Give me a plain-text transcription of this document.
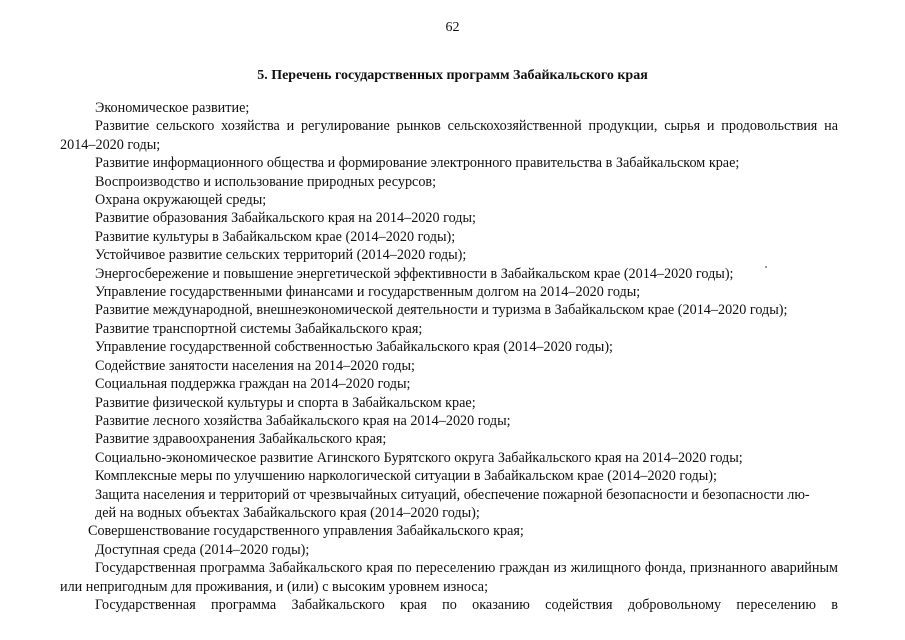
62
5. Перечень государственных программ Забайкальского края

Экономическое развитие;

Развитие сельского хозяйства и регулирование рынков сельскохозяйственной продукции, сырья и продовольствия на 2014–2020 годы;

Развитие информационного общества и формирование электронного правительства в Забайкальском крае;

Воспроизводство и использование природных ресурсов;

Охрана окружающей среды;

Развитие образования Забайкальского края на 2014–2020 годы;

Развитие культуры в Забайкальском крае (2014–2020 годы);

Устойчивое развитие сельских территорий (2014–2020 годы);

Энергосбережение и повышение энергетической эффективности в Забайкальском крае (2014–2020 годы);

Управление государственными финансами и государственным долгом на 2014–2020 годы;

Развитие международной, внешнеэкономической деятельности и туризма в Забайкальском крае (2014–2020 годы);

Развитие транспортной системы Забайкальского края;

Управление государственной собственностью Забайкальского края (2014–2020 годы);

Содействие занятости населения на 2014–2020 годы;

Социальная поддержка граждан на 2014–2020 годы;

Развитие физической культуры и спорта в Забайкальском крае;

Развитие лесного хозяйства Забайкальского края на 2014–2020 годы;

Развитие здравоохранения Забайкальского края;

Социально-экономическое развитие Агинского Бурятского округа Забайкальского края на 2014–2020 годы;

Комплексные меры по улучшению наркологической ситуации в Забайкальском крае (2014–2020 годы);

Защита населения и территорий от чрезвычайных ситуаций, обеспечение пожарной безопасности и безопасности лю-

дей на водных объектах Забайкальского края (2014–2020 годы);

Совершенствование государственного управления Забайкальского края;

Доступная среда (2014–2020 годы);

Государственная программа Забайкальского края по переселению граждан из жилищного фонда, признанного аварийным или непригодным для проживания, и (или) с высоким уровнем износа;

Государственная программа Забайкальского края по оказанию содействия добровольному переселению в
